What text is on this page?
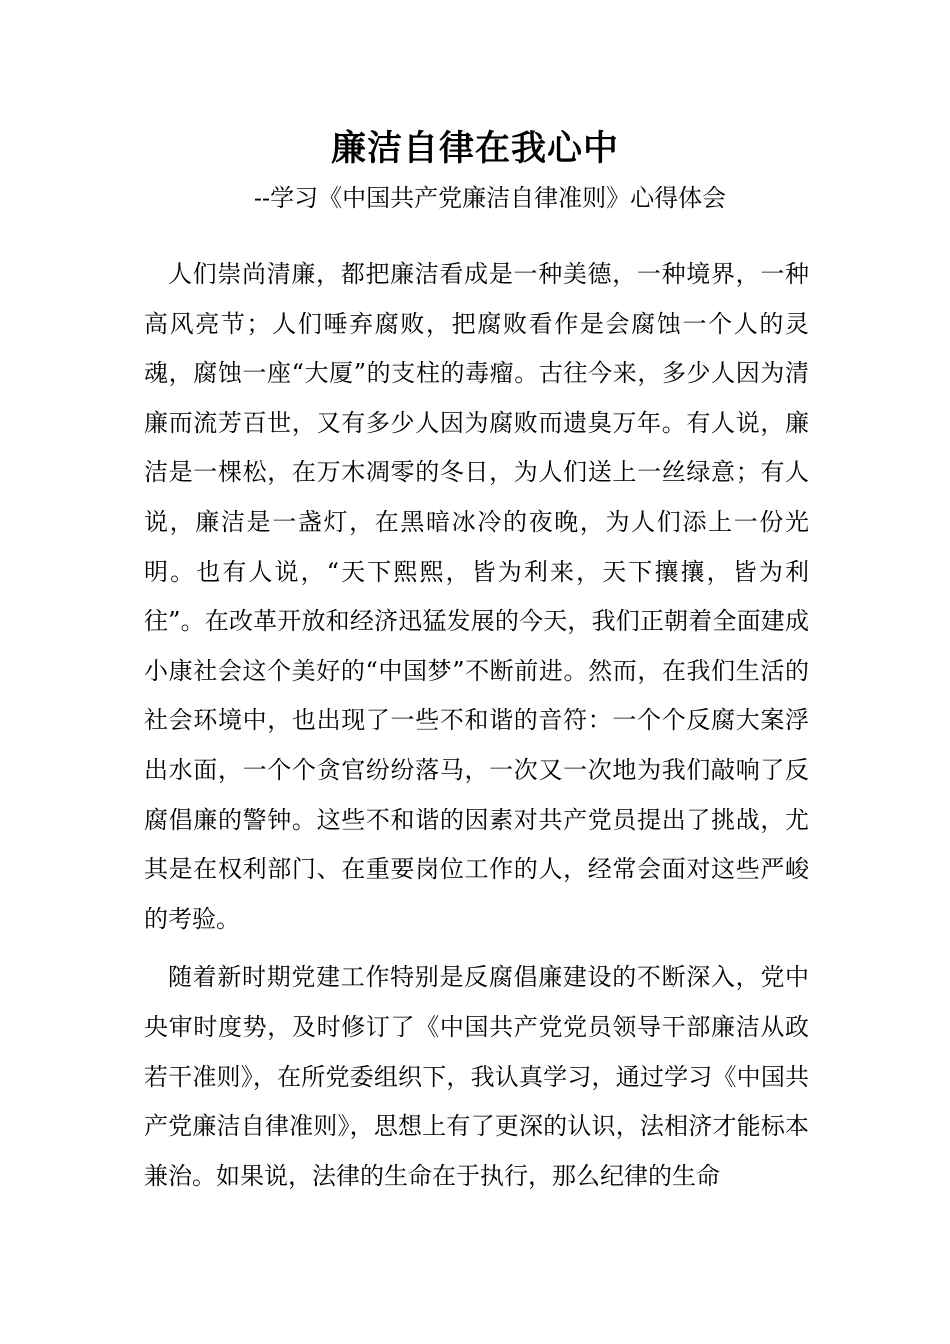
廉洁自律在我心中
--学习《中国共产党廉洁自律准则》心得体会

人们崇尚清廉，都把廉洁看成是一种美德，一种境界，一种高风亮节；人们唾弃腐败，把腐败看作是会腐蚀一个人的灵魂，腐蚀一座“大厦”的支柱的毒瘤。古往今来，多少人因为清廉而流芳百世，又有多少人因为腐败而遗臭万年。有人说，廉洁是一棵松，在万木凋零的冬日，为人们送上一丝绿意；有人说，廉洁是一盏灯，在黑暗冰冷的夜晚，为人们添上一份光明。也有人说，“天下熙熙，皆为利来，天下攘攘，皆为利往”。在改革开放和经济迅猛发展的今天，我们正朝着全面建成小康社会这个美好的“中国梦”不断前进。然而，在我们生活的社会环境中，也出现了一些不和谐的音符：一个个反腐大案浮出水面，一个个贪官纷纷落马，一次又一次地为我们敲响了反腐倡廉的警钟。这些不和谐的因素对共产党员提出了挑战，尤其是在权利部门、在重要岗位工作的人，经常会面对这些严峻的考验。

随着新时期党建工作特别是反腐倡廉建设的不断深入，党中央审时度势，及时修订了《中国共产党党员领导干部廉洁从政若干准则》，在所党委组织下，我认真学习，通过学习《中国共产党廉洁自律准则》，思想上有了更深的认识，法相济才能标本兼治。如果说，法律的生命在于执行，那么纪律的生命
